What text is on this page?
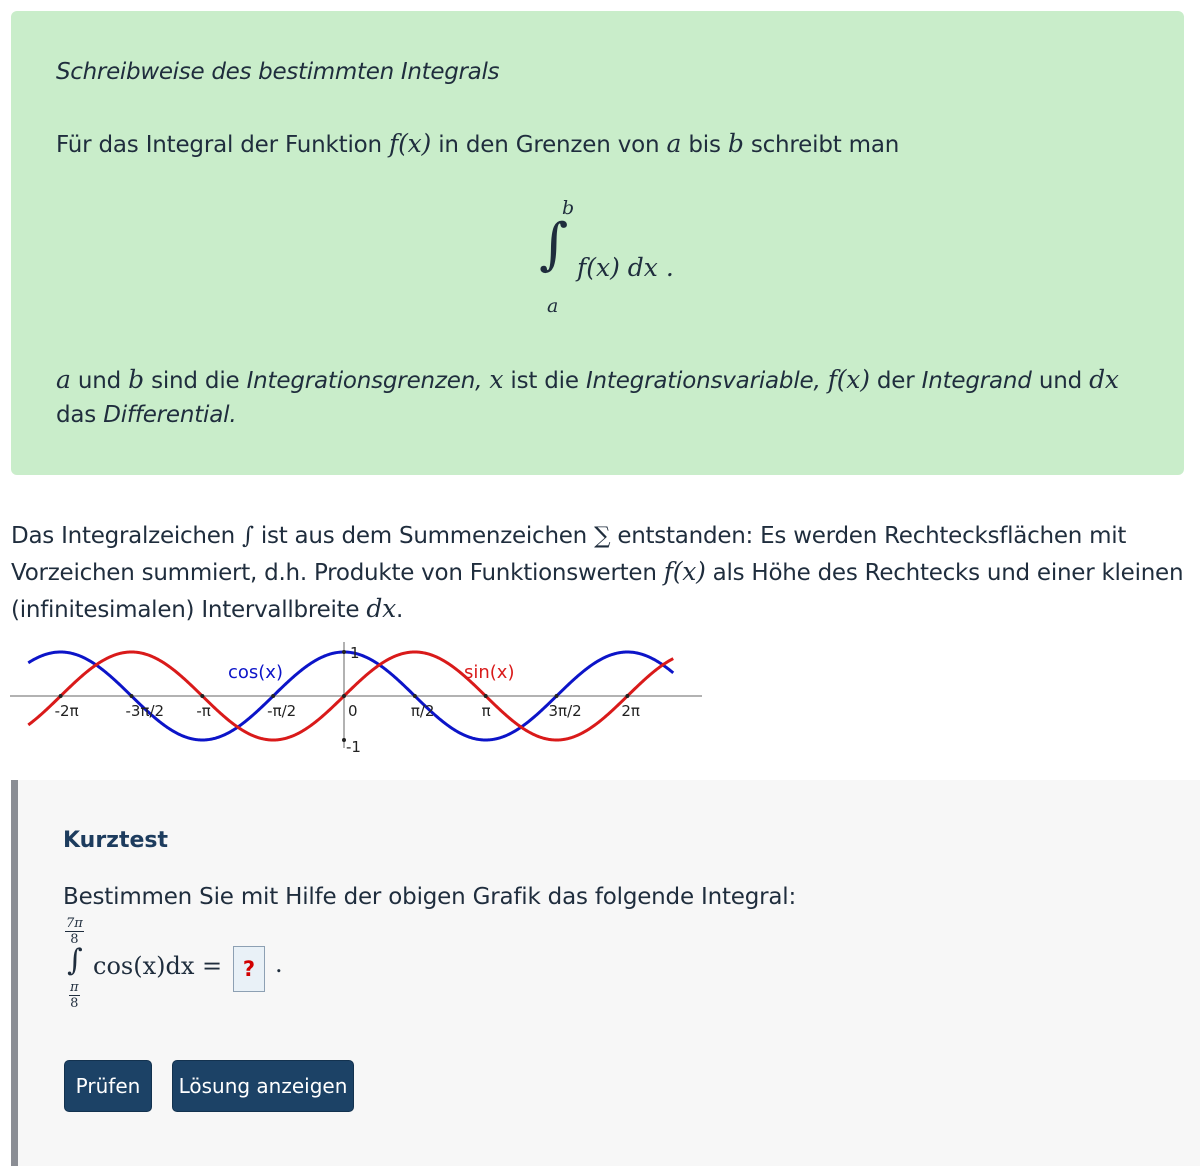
Schreibweise des bestimmten Integrals
Für das Integral der Funktion f(x) in den Grenzen von a bis b schreibt man
b
∫
a
f(x) dx .
a und b sind die Integrationsgrenzen, x ist die Integrationsvariable, f(x) der Integrand und dx das Differential.
Das Integralzeichen ∫ ist aus dem Summenzeichen ∑ entstanden: Es werden Rechtecksflächen mit Vorzeichen summiert, d.h. Produkte von Funktionswerten f(x) als Höhe des Rechtecks und einer kleinen (infinitesimalen) Intervallbreite dx.
-2π	-3π/2 -π	-π/2	0	π/2	π	3π/2	2π
1
-1
cos(x)	sin(x)
Kurztest
Bestimmen Sie mit Hilfe der obigen Grafik das folgende Integral:
$\frac{7\pi}{8}$
∫
$\frac{\pi}{8}$
cos(x)dx = ? .
Prüfen	Lösung anzeigen
